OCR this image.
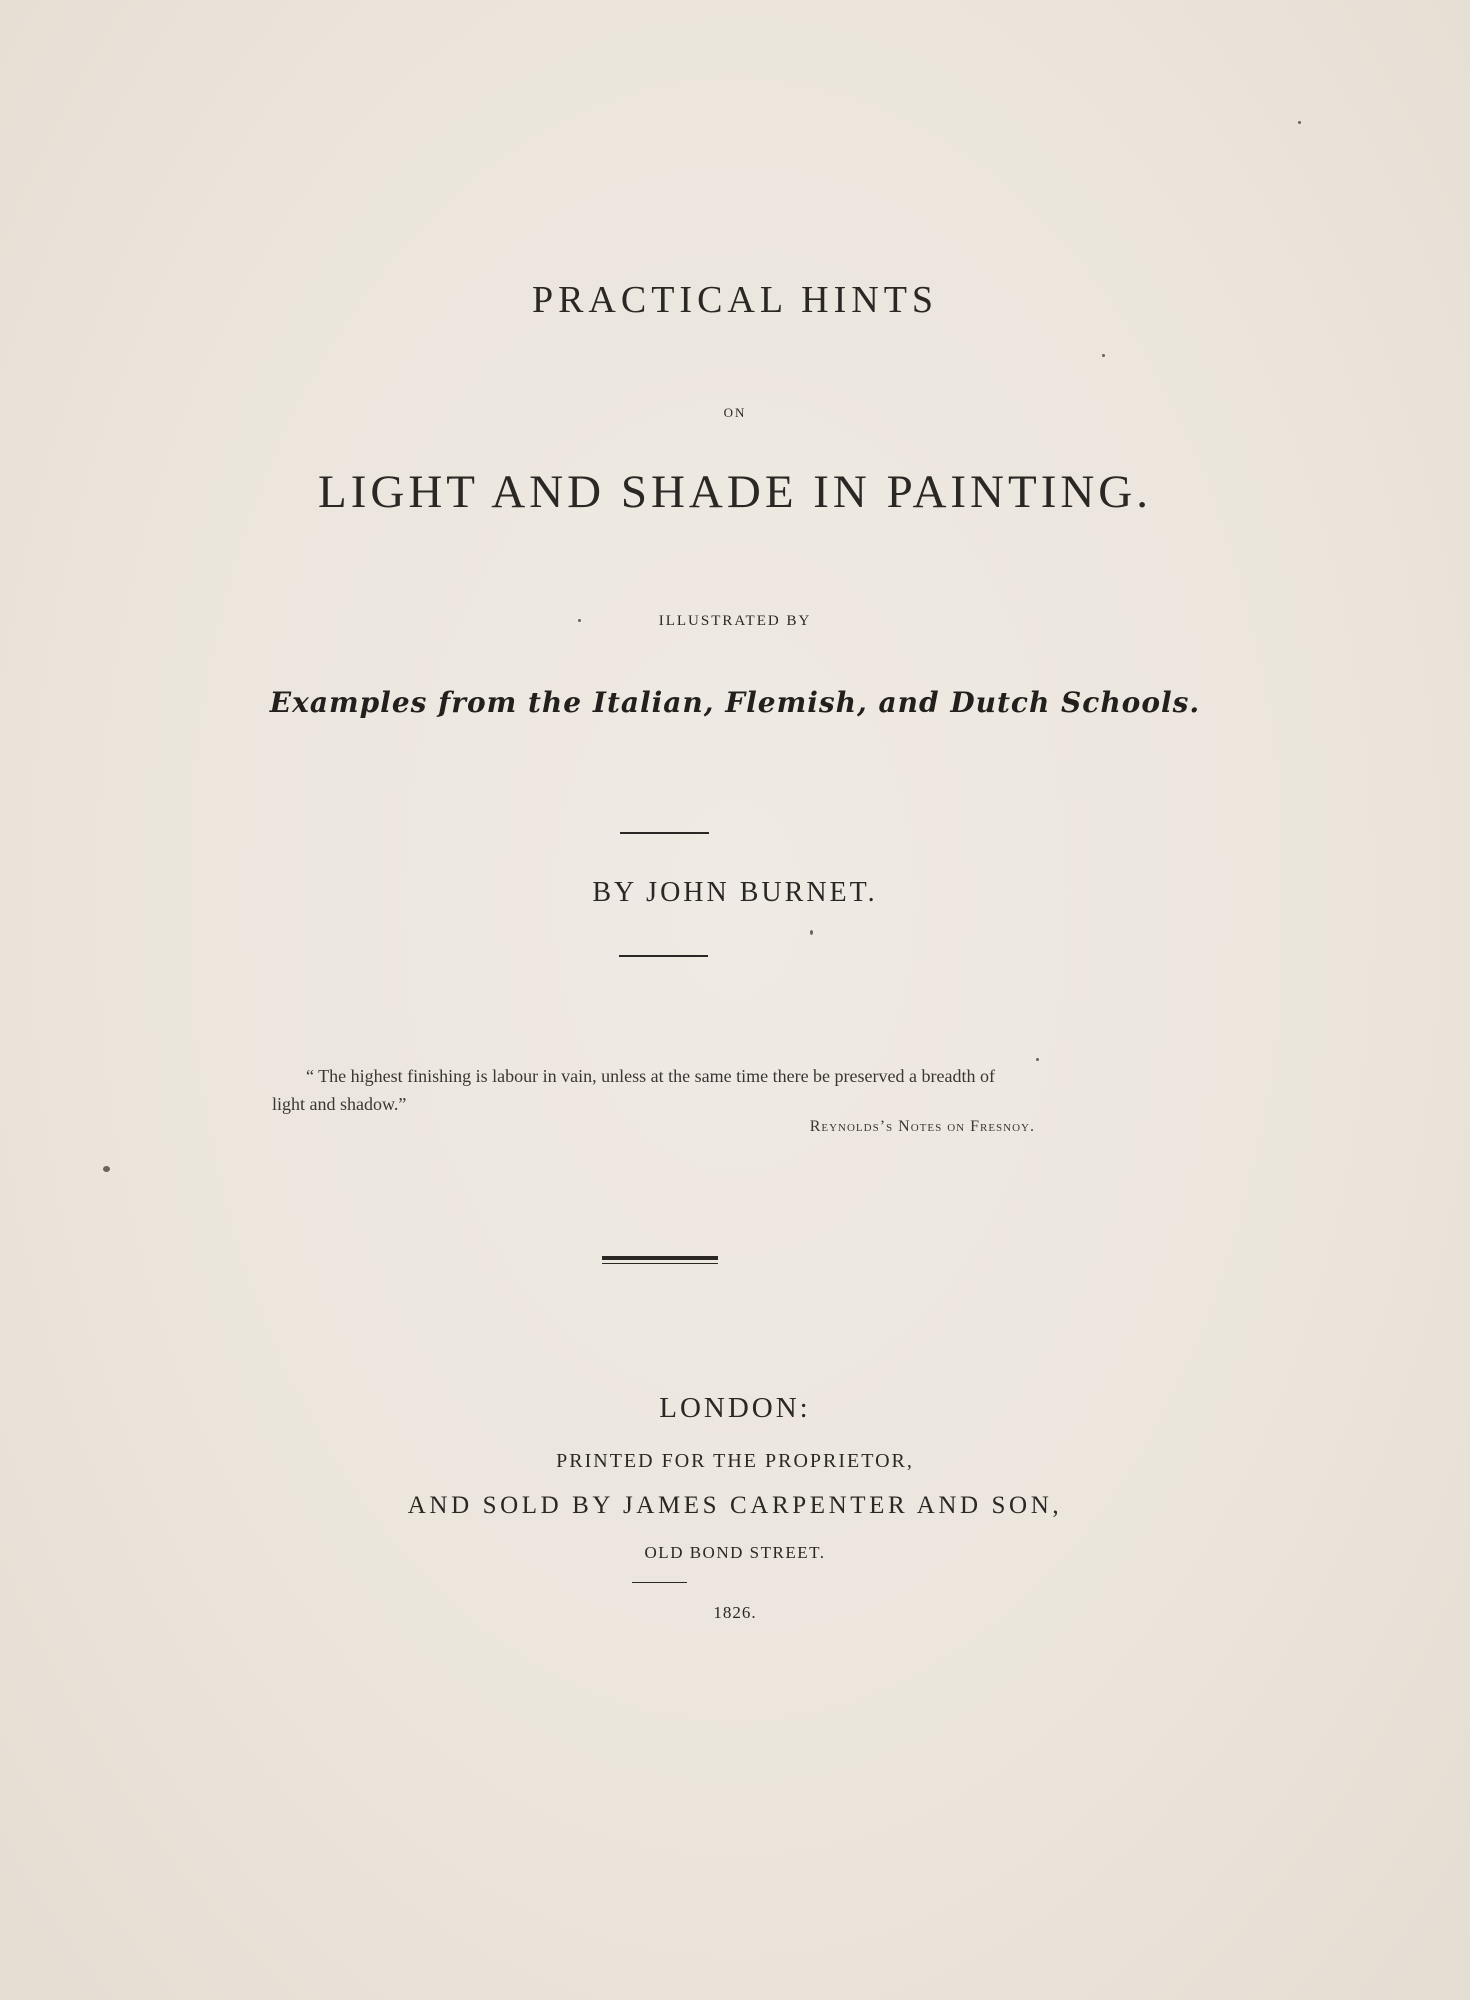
PRACTICAL HINTS
ON
LIGHT AND SHADE IN PAINTING.
ILLUSTRATED BY
Examples from the Italian, Flemish, and Dutch Schools.
BY JOHN BURNET.
“ The highest finishing is labour in vain, unless at the same time there be preserved a breadth of
light and shadow.”
Reynolds’s Notes on Fresnoy.
LONDON:
PRINTED FOR THE PROPRIETOR,
AND SOLD BY JAMES CARPENTER AND SON,
OLD BOND STREET.
1826.
